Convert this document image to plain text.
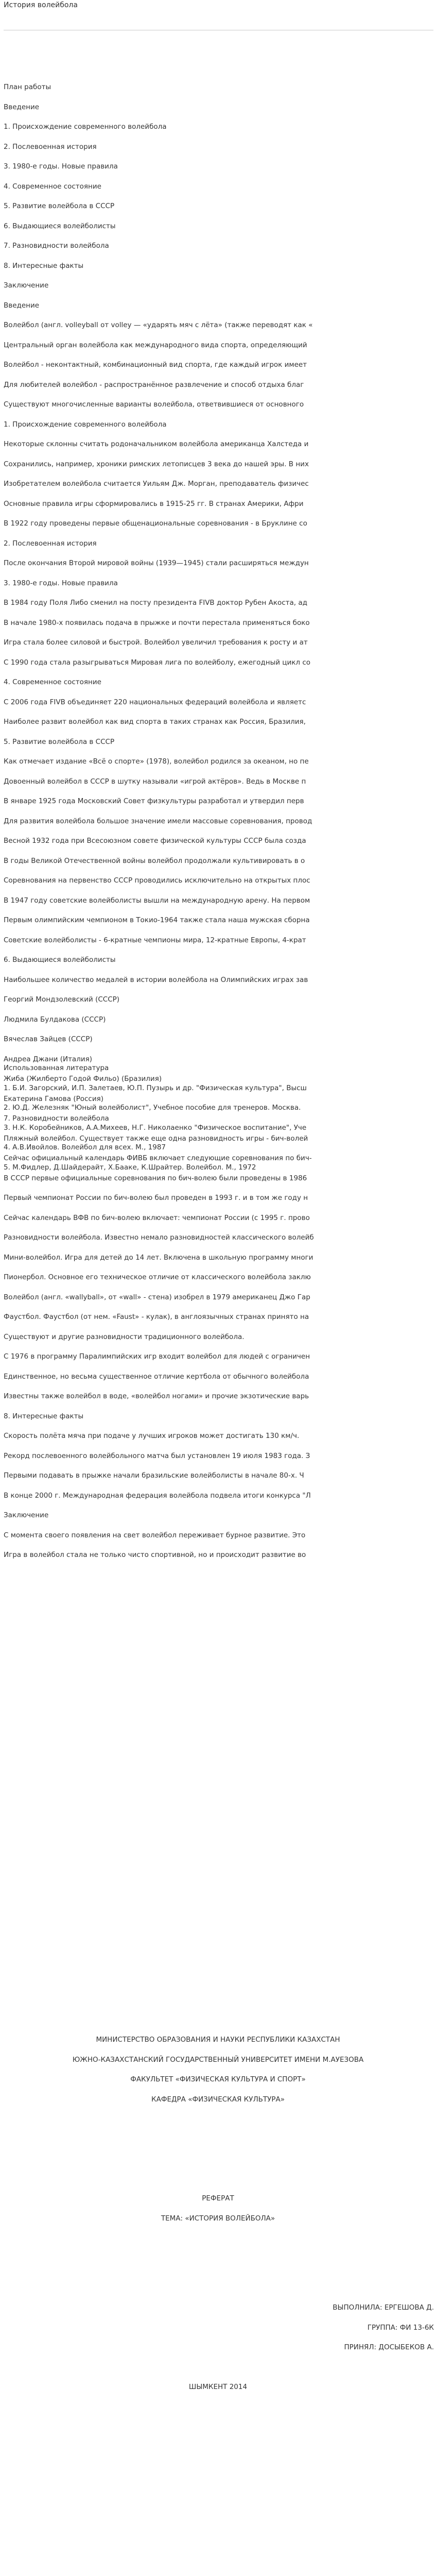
История волейбола
План работы
Введение
1. Происхождение современного волейбола
2. Послевоенная история
3. 1980-е годы. Новые правила
4. Современное состояние
5. Развитие волейбола в СССР
6. Выдающиеся волейболисты
7. Разновидности волейбола
8. Интересные факты
Заключение
Введение
Волейбол (англ. volleyball от volley — «ударять мяч с лёта» (также переводят как «
Центральный орган волейбола как международного вида спорта, определяющий
Волейбол - неконтактный, комбинационный вид спорта, где каждый игрок имеет
Для любителей волейбол - распространённое развлечение и способ отдыха благ
Существуют многочисленные варианты волейбола, ответвившиеся от основного
1. Происхождение современного волейбола
Некоторые склонны считать родоначальником волейбола американца Халстеда и
Сохранились, например, хроники римских летописцев 3 века до нашей эры. В них
Изобретателем волейбола считается Уильям Дж. Морган, преподаватель физичес
Основные правила игры сформировались в 1915-25 гг. В странах Америки, Афри
В 1922 году проведены первые общенациональные соревнования - в Бруклине со
2. Послевоенная история
После окончания Второй мировой войны (1939—1945) стали расширяться междун
3. 1980-е годы. Новые правила
В 1984 году Поля Либо сменил на посту президента FIVB доктор Рубен Акоста, ад
В начале 1980-х появилась подача в прыжке и почти перестала применяться боко
Игра стала более силовой и быстрой. Волейбол увеличил требования к росту и ат
С 1990 года стала разыгрываться Мировая лига по волейболу, ежегодный цикл со
4. Современное состояние
С 2006 года FIVB объединяет 220 национальных федераций волейбола и являетс
Наиболее развит волейбол как вид спорта в таких странах как Россия, Бразилия,
5. Развитие волейбола в СССР
Как отмечает издание «Всё о спорте» (1978), волейбол родился за океаном, но пе
Довоенный волейбол в СССР в шутку называли «игрой актёров». Ведь в Москве п
В январе 1925 года Московский Совет физкультуры разработал и утвердил перв
Для развития волейбола большое значение имели массовые соревнования, провод
Весной 1932 года при Всесоюзном совете физической культуры СССР была созда
В годы Великой Отечественной войны волейбол продолжали культивировать в о
Соревнования на первенство СССР проводились исключительно на открытых плос
В 1947 году советские волейболисты вышли на международную арену. На первом
Первым олимпийским чемпионом в Токио-1964 также стала наша мужская сборна
Советские волейболисты - 6-кратные чемпионы мира, 12-кратные Европы, 4-крат
6. Выдающиеся волейболисты
Наибольшее количество медалей в истории волейбола на Олимпийских играх зав
Георгий Мондзолевский (СССР)
Людмила Булдакова (СССР)
Вячеслав Зайцев (СССР)
Андреа Джани (Италия)
Жиба (Жилберто Годой Фильо) (Бразилия)
Екатерина Гамова (Россия)
7. Разновидности волейбола
Пляжный волейбол. Существует также еще одна разновидность игры - бич-волей
Сейчас официальный календарь ФИВБ включает следующие соревнования по бич-
В СССР первые официальные соревнования по бич-волею были проведены в 1986
Первый чемпионат России по бич-волею был проведен в 1993 г. и в том же году н
Сейчас календарь ВФВ по бич-волею включает: чемпионат России (с 1995 г. прово
Разновидности волейбола. Известно немало разновидностей классического волейб
Мини-волейбол. Игра для детей до 14 лет. Включена в школьную программу многи
Пионербол. Основное его техническое отличие от классического волейбола заклю
Волейбол (англ. «wallyball», от «wall» - стена) изобрел в 1979 американец Джо Гар
Фаустбол. Фаустбол (от нем. «Faust» - кулак), в англоязычных странах принято на
Существуют и другие разновидности традиционного волейбола.
С 1976 в программу Паралимпийских игр входит волейбол для людей с ограничен
Единственное, но весьма существенное отличие кертбола от обычного волейбола
Известны также волейбол в воде, «волейбол ногами» и прочие экзотические варь
8. Интересные факты
Скорость полёта мяча при подаче у лучших игроков может достигать 130 км/ч.
Рекорд послевоенного волейбольного матча был установлен 19 июля 1983 года. З
Первыми подавать в прыжке начали бразильские волейболисты в начале 80-х. Ч
В конце 2000 г. Международная федерация волейбола подвела итоги конкурса "Л
Заключение
С момента своего появления на свет волейбол переживает бурное развитие. Это
Игра в волейбол стала не только чисто спортивной, но и происходит развитие во
Использованная литература
1. Б.И. Загорский, И.П. Залетаев, Ю.П. Пузырь и др. "Физическая культура", Высш
2. Ю.Д. Железняк "Юный волейболист", Учебное пособие для тренеров. Москва.
3. Н.К. Коробейников, А.А.Михеев, Н.Г. Николаенко "Физическое воспитание", Уче
4. А.В.Ивойлов. Волейбол для всех. М., 1987
5. М.Фидлер, Д.Шайдерайт, Х.Бааке, К.Шрайтер. Волейбол. М., 1972
МИНИСТЕРСТВО ОБРАЗОВАНИЯ И НАУКИ РЕСПУБЛИКИ КАЗАХСТАН
ЮЖНО-КАЗАХСТАНСКИЙ ГОСУДАРСТВЕННЫЙ УНИВЕРСИТЕТ ИМЕНИ М.АУЕЗОВА
ФАКУЛЬТЕТ «ФИЗИЧЕСКАЯ КУЛЬТУРА И СПОРТ»
КАФЕДРА «ФИЗИЧЕСКАЯ КУЛЬТУРА»
РЕФЕРАТ
ТЕМА: «ИСТОРИЯ ВОЛЕЙБОЛА»
ВЫПОЛНИЛА: ЕРГЕШОВА Д.
ГРУППА: ФИ 13-6К
ПРИНЯЛ: ДОСЫБЕКОВ А.
ШЫМКЕНТ 2014
